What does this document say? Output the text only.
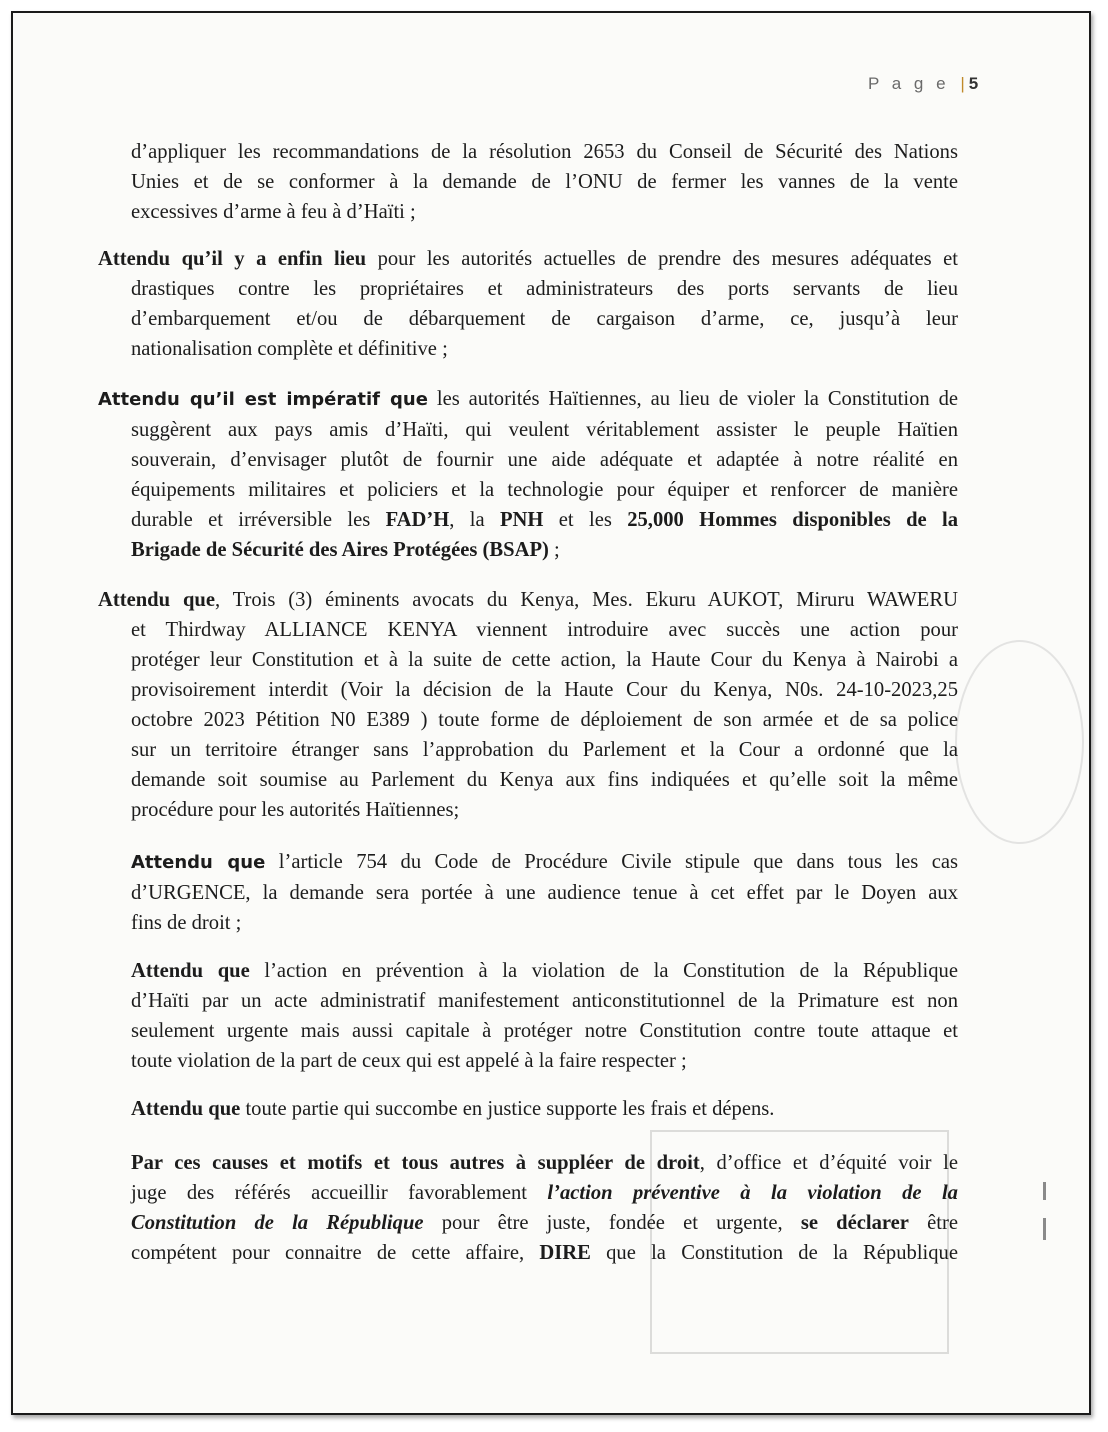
P a g e | 5
d’appliquer les recommandations de la résolution 2653 du Conseil de Sécurité des Nations
Unies et de se conformer à la demande de l’ONU de fermer les vannes de la vente
excessives d’arme à feu à d’Haïti ;
Attendu qu’il y a enfin lieu pour les autorités actuelles de prendre des mesures adéquates et
drastiques contre les propriétaires et administrateurs des ports servants de lieu
d’embarquement et/ou de débarquement de cargaison d’arme, ce, jusqu’à leur
nationalisation complète et définitive ;
Attendu qu’il est impératif que les autorités Haïtiennes, au lieu de violer la Constitution de
suggèrent aux pays amis d’Haïti, qui veulent véritablement assister le peuple Haïtien
souverain, d’envisager plutôt de fournir une aide adéquate et adaptée à notre réalité en
équipements militaires et policiers et la technologie pour équiper et renforcer de manière
durable et irréversible les FAD’H, la PNH et les 25,000 Hommes disponibles de la
Brigade de Sécurité des Aires Protégées (BSAP) ;
Attendu que, Trois (3) éminents avocats du Kenya, Mes. Ekuru AUKOT, Miruru WAWERU
et Thirdway ALLIANCE KENYA viennent introduire avec succès une action pour
protéger leur Constitution et à la suite de cette action, la Haute Cour du Kenya à Nairobi a
provisoirement interdit (Voir la décision de la Haute Cour du Kenya, N0s. 24-10-2023,25
octobre 2023 Pétition N0 E389 ) toute forme de déploiement de son armée et de sa police
sur un territoire étranger sans l’approbation du Parlement et la Cour a ordonné que la
demande soit soumise au Parlement du Kenya aux fins indiquées et qu’elle soit la même
procédure pour les autorités Haïtiennes;
Attendu que l’article 754 du Code de Procédure Civile stipule que dans tous les cas
d’URGENCE, la demande sera portée à une audience tenue à cet effet par le Doyen aux
fins de droit ;
Attendu que l’action en prévention à la violation de la Constitution de la République
d’Haïti par un acte administratif manifestement anticonstitutionnel de la Primature est non
seulement urgente mais aussi capitale à protéger notre Constitution contre toute attaque et
toute violation de la part de ceux qui est appelé à la faire respecter ;
Attendu que toute partie qui succombe en justice supporte les frais et dépens.
Par ces causes et motifs et tous autres à suppléer de droit, d’office et d’équité voir le
juge des référés accueillir favorablement l’action préventive à la violation de la
Constitution de la République pour être juste, fondée et urgente, se déclarer être
compétent pour connaitre de cette affaire, DIRE que la Constitution de la République
